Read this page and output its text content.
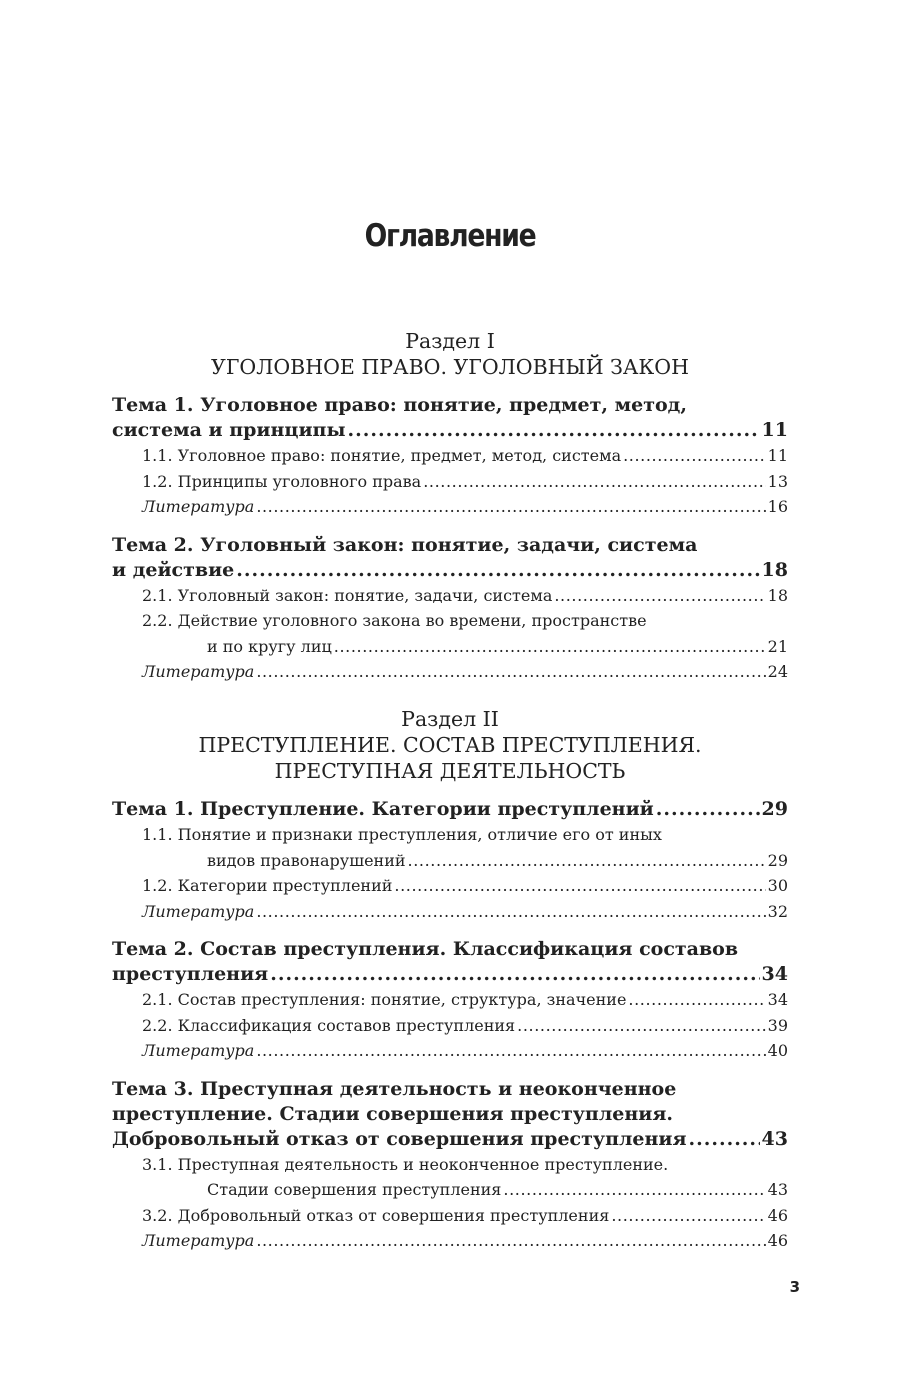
Оглавление
Раздел I
УГОЛОВНОЕ ПРАВО. УГОЛОВНЫЙ ЗАКОН
Тема 1. Уголовное право: понятие, предмет, метод,
система и принципы .....	11
1.1. Уголовное право: понятие, предмет, метод, система .....	11
1.2. Принципы уголовного права .....	13
Литература .....	16
Тема 2. Уголовный закон: понятие, задачи, система
и действие .....	18
2.1. Уголовный закон: понятие, задачи, система .....	18
2.2. Действие уголовного закона во времени, пространстве
и по кругу лиц .....	21
Литература .....	24
Раздел II
ПРЕСТУПЛЕНИЕ. СОСТАВ ПРЕСТУПЛЕНИЯ.
ПРЕСТУПНАЯ ДЕЯТЕЛЬНОСТЬ
Тема 1. Преступление. Категории преступлений .....	29
1.1. Понятие и признаки преступления, отличие его от иных
видов правонарушений .....	29
1.2. Категории преступлений .....	30
Литература .....	32
Тема 2. Состав преступления. Классификация составов
преступления .....	34
2.1. Состав преступления: понятие, структура, значение .....	34
2.2. Классификация составов преступления .....	39
Литература .....	40
Тема 3. Преступная деятельность и неоконченное
преступление. Стадии совершения преступления.
Добровольный отказ от совершения преступления .....	43
3.1. Преступная деятельность и неоконченное преступление.
Стадии совершения преступления .....	43
3.2. Добровольный отказ от совершения преступления .....	46
Литература .....	46
3
